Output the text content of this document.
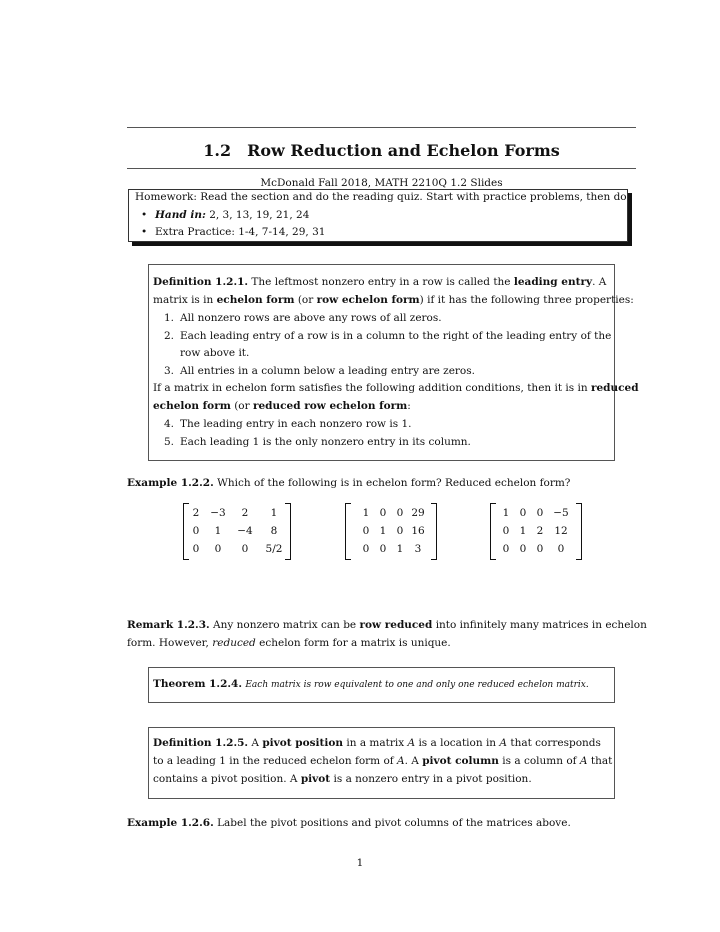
1.2 Row Reduction and Echelon Forms
McDonald Fall 2018, MATH 2210Q 1.2 Slides
Homework: Read the section and do the reading quiz. Start with practice problems, then do
• Hand in: 2, 3, 13, 19, 21, 24
• Extra Practice: 1-4, 7-14, 29, 31
Definition 1.2.1. The leftmost nonzero entry in a row is called the leading entry. A
matrix is in echelon form (or row echelon form) if it has the following three properties:
1. All nonzero rows are above any rows of all zeros.
2. Each leading entry of a row is in a column to the right of the leading entry of the
row above it.
3. All entries in a column below a leading entry are zeros.
If a matrix in echelon form satisfies the following addition conditions, then it is in reduced
echelon form (or reduced row echelon form:
4. The leading entry in each nonzero row is 1.
5. Each leading 1 is the only nonzero entry in its column.
Example 1.2.2. Which of the following is in echelon form? Reduced echelon form?
2	−3	2	1
0	1	−4	8
0	0	0	5/2
1 0 0 29
0 1 0 16
0 0 1	3
1 0 0 −5
0 1 2	12
0 0 0	0
Remark 1.2.3. Any nonzero matrix can be row reduced into infinitely many matrices in echelon
form. However, reduced echelon form for a matrix is unique.
Theorem 1.2.4. Each matrix is row equivalent to one and only one reduced echelon matrix.
Definition 1.2.5. A pivot position in a matrix A is a location in A that corresponds
to a leading 1 in the reduced echelon form of A. A pivot column is a column of A that
contains a pivot position. A pivot is a nonzero entry in a pivot position.
Example 1.2.6. Label the pivot positions and pivot columns of the matrices above.
1
